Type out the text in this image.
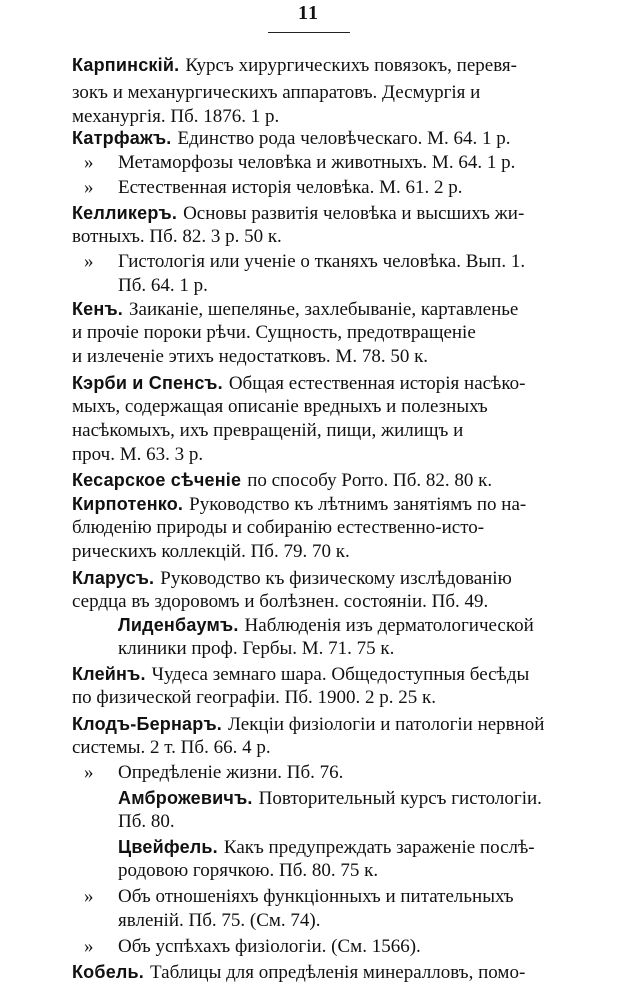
11
Карпинскій. Курсъ хирургическихъ повязокъ, перевя-
зокъ и механургическихъ аппаратовъ. Десмургія и
механургія. Пб. 1876. 1 р.
Катрфажъ. Единство рода человѣческаго. М. 64. 1 р.
» Метаморфозы человѣка и животныхъ. М. 64. 1 р.
» Естественная исторія человѣка. М. 61. 2 р.
Келликеръ. Основы развитія человѣка и высшихъ жи-
вотныхъ. Пб. 82. 3 р. 50 к.
» Гистологія или ученіе о тканяхъ человѣка. Вып. 1.
Пб. 64. 1 р.
Кенъ. Заиканіе, шепелянье, захлебываніе, картавленье
и прочіе пороки рѣчи. Сущность, предотвращеніе
и излеченіе этихъ недостатковъ. М. 78. 50 к.
Кэрби и Спенсъ. Общая естественная исторія насѣко-
мыхъ, содержащая описаніе вредныхъ и полезныхъ
насѣкомыхъ, ихъ превращеній, пищи, жилищъ и
проч. М. 63. 3 р.
Кесарское сѣченіе по способу Porro. Пб. 82. 80 к.
Кирпотенко. Руководство къ лѣтнимъ занятіямъ по на-
блюденію природы и собиранію естественно-исто-
рическихъ коллекцій. Пб. 79. 70 к.
Кларусъ. Руководство къ физическому изслѣдованію
сердца въ здоровомъ и болѣзнен. состояніи. Пб. 49.
Лиденбаумъ. Наблюденія изъ дерматологической
клиники проф. Гербы. М. 71. 75 к.
Клейнъ. Чудеса земнаго шара. Общедоступныя бесѣды
по физической географіи. Пб. 1900. 2 р. 25 к.
Клодъ-Бернаръ. Лекціи физіологіи и патологіи нервной
системы. 2 т. Пб. 66. 4 р.
» Опредѣленіе жизни. Пб. 76.
Амброжевичъ. Повторительный курсъ гистологіи.
Пб. 80.
Цвейфель. Какъ предупреждать зараженіе послѣ-
родовою горячкою. Пб. 80. 75 к.
» Объ отношеніяхъ функціонныхъ и питательныхъ
явленій. Пб. 75. (См. 74).
» Объ успѣхахъ физіологіи. (См. 1566).
Кобель. Таблицы для опредѣленія минералловъ, помо-
